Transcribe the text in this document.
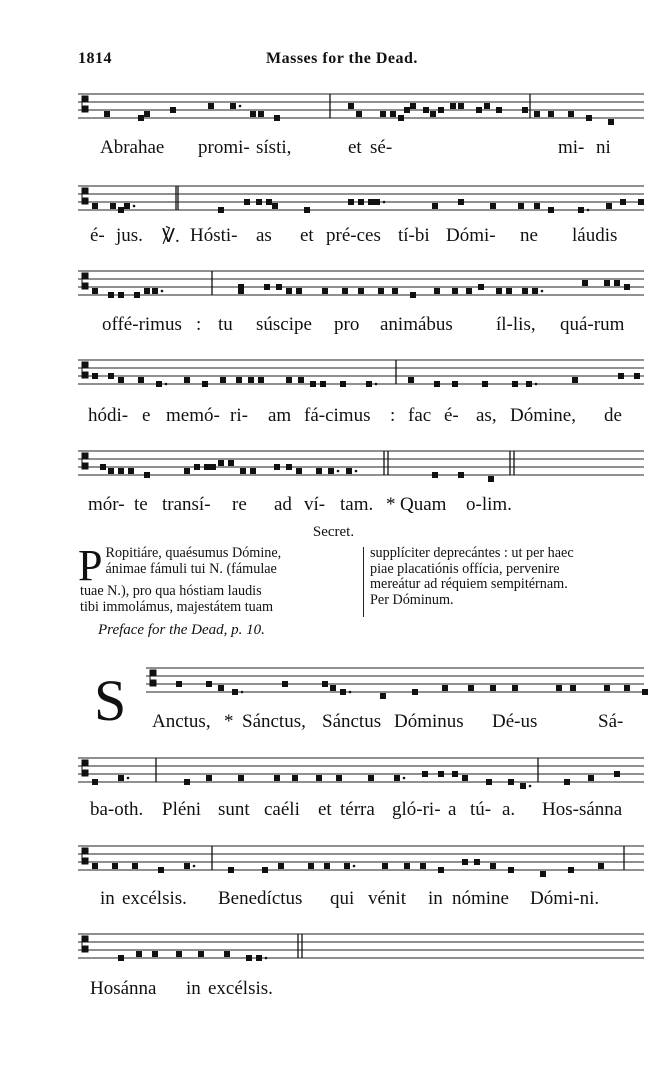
1814	Masses for the Dead.
Abrahae promi- sísti,	et sé-	mi- ni
é- jus. ℣. Hósti- as et pré-ces tí-bi Dómi- ne láudis
offé-rimus : tu súscipe pro animábus íl-lis, quá-rum
hódi- e memó- ri- am fá-cimus : fac é- as, Dómine, de
mór- te transí- re ad ví- tam. * Quam o-lim.
Secret.
P Ropitiáre, quaésumus Dómine,
ánimae fámuli tui N. (fámulae
tuae N.), pro qua hóstiam laudis
tibi immolámus, majestátem tuam
supplíciter deprecántes : ut per haec
piae placatiónis offícia, pervenire
mereátur ad réquiem sempitérnam.
Per Dóminum.
Preface for the Dead, p. 10.
S Anctus, * Sánctus, Sánctus Dóminus Dé-us	Sá-
ba-oth. Pléni sunt caéli et térra gló-ri- a tú- a. Hos-sánna
in excélsis. Benedíctus qui vénit in nómine Dómi-ni.
Hosánna in excélsis.
